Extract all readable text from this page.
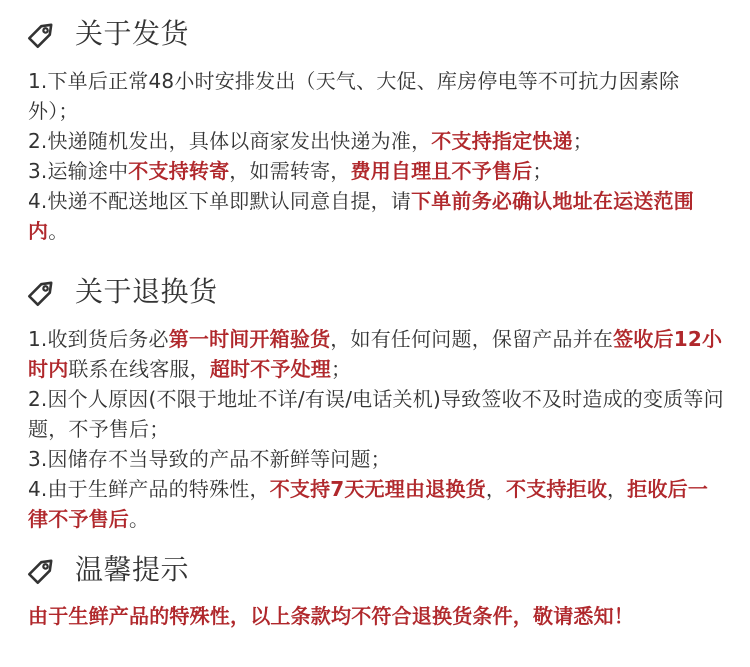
关于发货
1.下单后正常48小时安排发出（天气、大促、库房停电等不可抗力因素除外）；
2.快递随机发出，具体以商家发出快递为准，不支持指定快递；
3.运输途中不支持转寄，如需转寄，费用自理且不予售后；
4.快递不配送地区下单即默认同意自提，请下单前务必确认地址在运送范围内。
关于退换货
1.收到货后务必第一时间开箱验货，如有任何问题，保留产品并在签收后12小时内联系在线客服，超时不予处理；
2.因个人原因(不限于地址不详/有误/电话关机)导致签收不及时造成的变质等问题，不予售后；
3.因储存不当导致的产品不新鲜等问题；
4.由于生鲜产品的特殊性，不支持7天无理由退换货，不支持拒收，拒收后一律不予售后。
温馨提示
由于生鲜产品的特殊性，以上条款均不符合退换货条件，敬请悉知！
